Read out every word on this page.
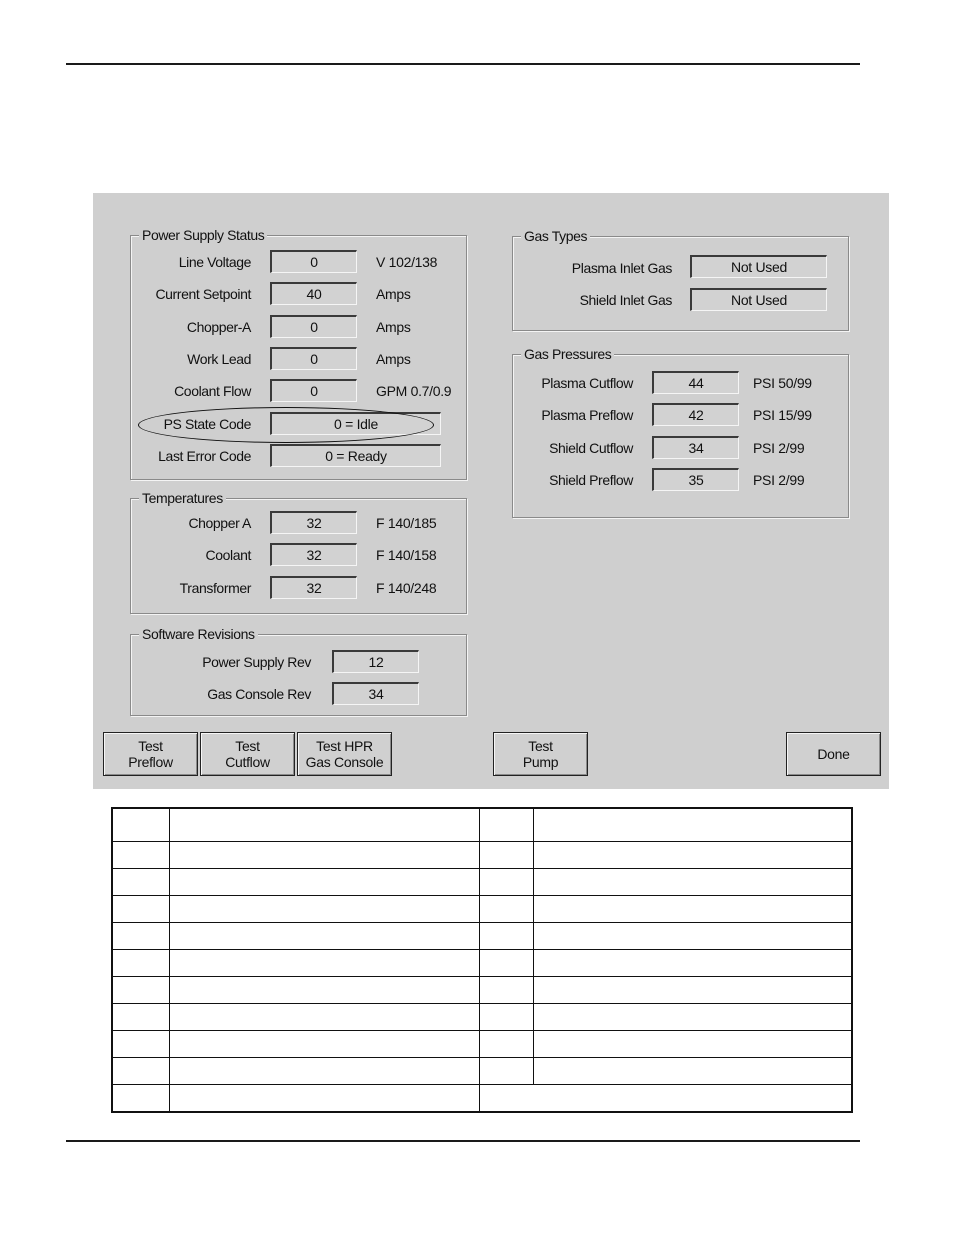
Power Supply Status
Line Voltage	0	V 102/138
Current Setpoint	40	Amps
Chopper-A	0	Amps
Work Lead	0	Amps
Coolant Flow	0	GPM 0.7/0.9
PS State Code	0 = Idle
Last Error Code	0 = Ready
Temperatures
Chopper A	32	F 140/185
Coolant	32	F 140/158
Transformer	32	F 140/248
Software Revisions
Power Supply Rev	12
Gas Console Rev	34
Gas Types
Plasma Inlet Gas	Not Used
Shield Inlet Gas	Not Used
Gas Pressures
Plasma Cutflow	44	PSI 50/99
Plasma Preflow	42	PSI 15/99
Shield Cutflow	34	PSI 2/99
Shield Preflow	35	PSI 2/99
Test
Preflow
Test
Cutflow
Test HPR
Gas Console
Test
Pump	Done
